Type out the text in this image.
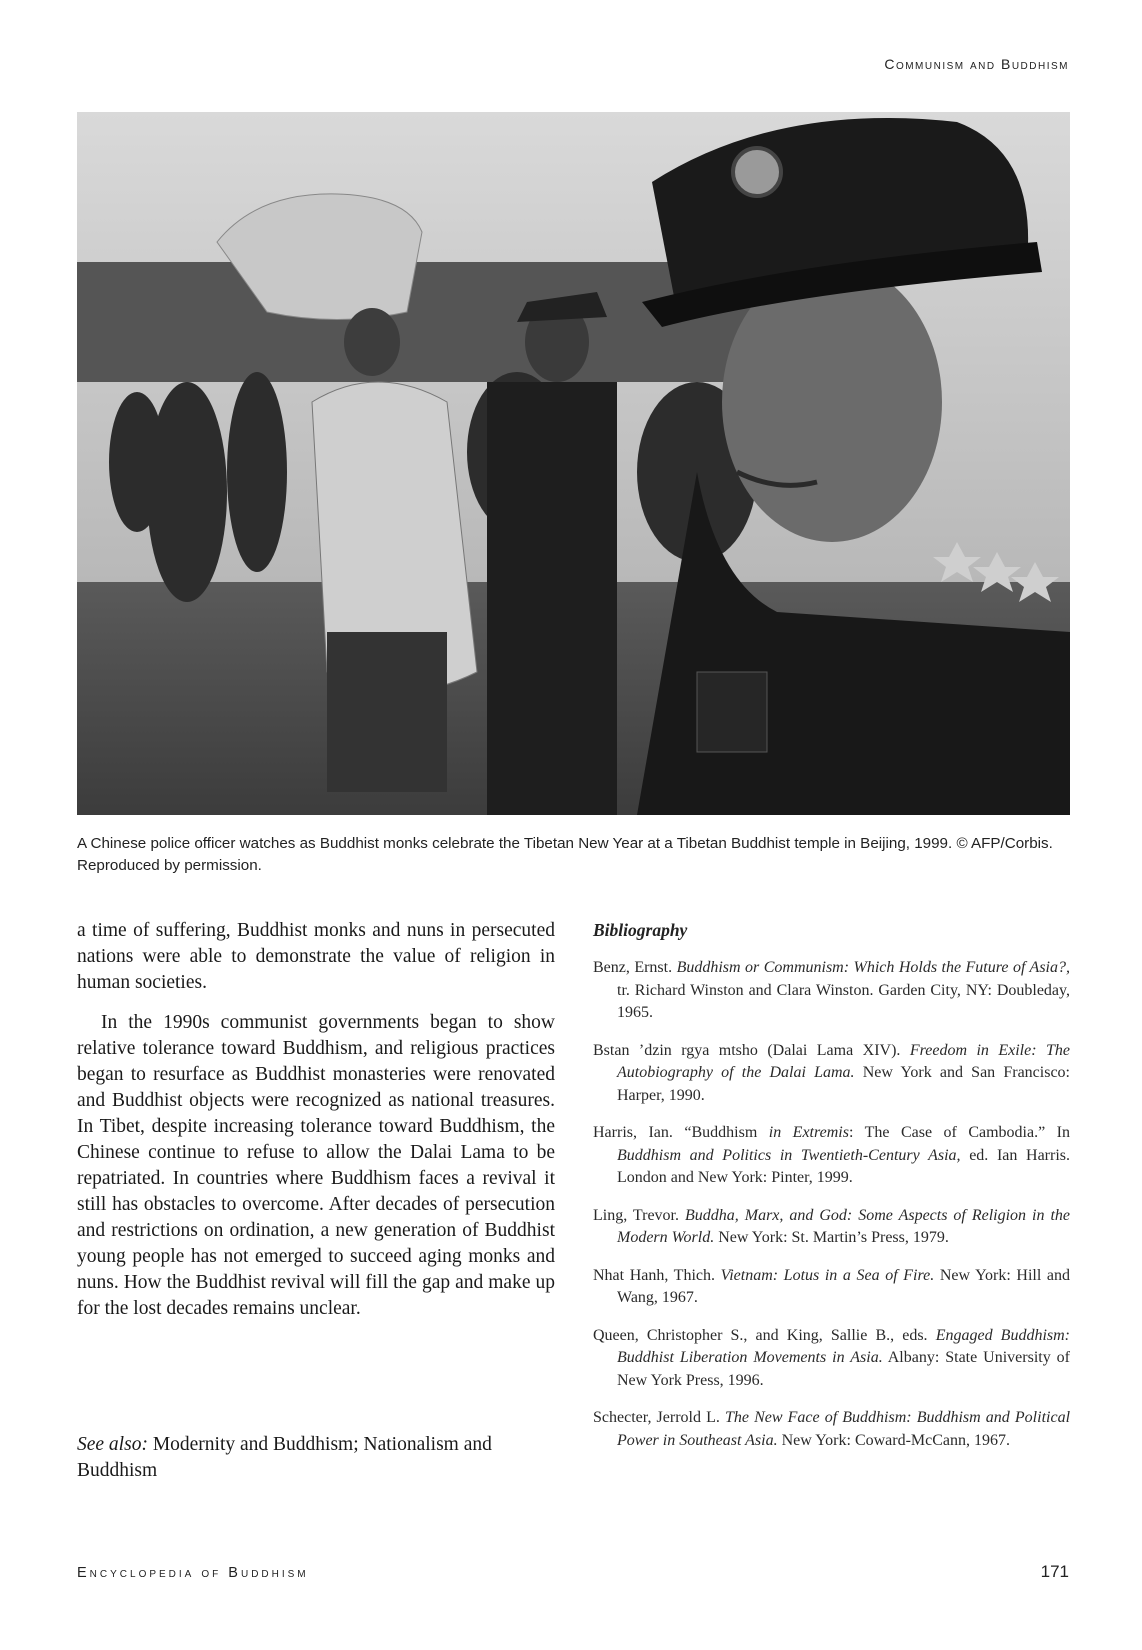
Communism and Buddhism
A Chinese police officer watches as Buddhist monks celebrate the Tibetan New Year at a Tibetan Buddhist temple in Beijing, 1999. © AFP/Corbis. Reproduced by permission.

a time of suffering, Buddhist monks and nuns in persecuted nations were able to demonstrate the value of religion in human societies.

In the 1990s communist governments began to show relative tolerance toward Buddhism, and religious practices began to resurface as Buddhist monasteries were renovated and Buddhist objects were recognized as national treasures. In Tibet, despite increasing tolerance toward Buddhism, the Chinese continue to refuse to allow the Dalai Lama to be repatriated. In countries where Buddhism faces a revival it still has obstacles to overcome. After decades of persecution and restrictions on ordination, a new generation of Buddhist young people has not emerged to succeed aging monks and nuns. How the Buddhist revival will fill the gap and make up for the lost decades remains unclear.

See also: Modernity and Buddhism; Nationalism and Buddhism
Bibliography

Benz, Ernst. Buddhism or Communism: Which Holds the Future of Asia?, tr. Richard Winston and Clara Winston. Garden City, NY: Doubleday, 1965.

Bstan ’dzin rgya mtsho (Dalai Lama XIV). Freedom in Exile: The Autobiography of the Dalai Lama. New York and San Francisco: Harper, 1990.

Harris, Ian. “Buddhism in Extremis: The Case of Cambodia.” In Buddhism and Politics in Twentieth-Century Asia, ed. Ian Harris. London and New York: Pinter, 1999.

Ling, Trevor. Buddha, Marx, and God: Some Aspects of Religion in the Modern World. New York: St. Martin’s Press, 1979.

Nhat Hanh, Thich. Vietnam: Lotus in a Sea of Fire. New York: Hill and Wang, 1967.

Queen, Christopher S., and King, Sallie B., eds. Engaged Buddhism: Buddhist Liberation Movements in Asia. Albany: State University of New York Press, 1996.

Schecter, Jerrold L. The New Face of Buddhism: Buddhism and Political Power in Southeast Asia. New York: Coward-McCann, 1967.

Encyclopedia of Buddhism	171
